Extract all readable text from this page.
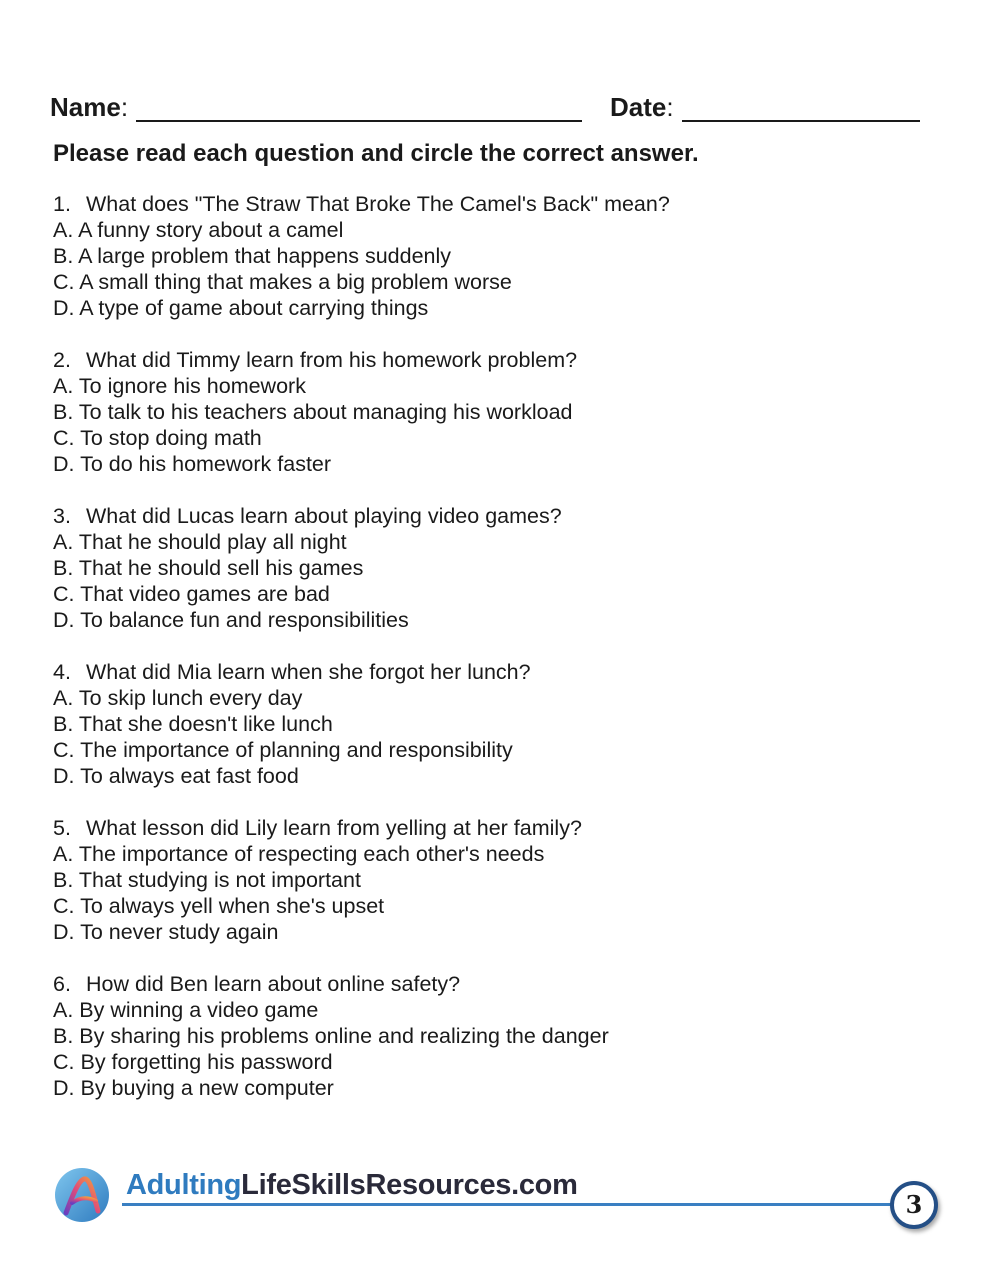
Name:	Date:
Please read each question and circle the correct answer.
1. What does "The Straw That Broke The Camel's Back" mean?
A. A funny story about a camel
B. A large problem that happens suddenly
C. A small thing that makes a big problem worse
D. A type of game about carrying things
2. What did Timmy learn from his homework problem?
A. To ignore his homework
B. To talk to his teachers about managing his workload
C. To stop doing math
D. To do his homework faster
3. What did Lucas learn about playing video games?
A. That he should play all night
B. That he should sell his games
C. That video games are bad
D. To balance fun and responsibilities
4. What did Mia learn when she forgot her lunch?
A. To skip lunch every day
B. That she doesn't like lunch
C. The importance of planning and responsibility
D. To always eat fast food
5. What lesson did Lily learn from yelling at her family?
A. The importance of respecting each other's needs
B. That studying is not important
C. To always yell when she's upset
D. To never study again
6. How did Ben learn about online safety?
A. By winning a video game
B. By sharing his problems online and realizing the danger
C. By forgetting his password
D. By buying a new computer
AdultingLifeSkillsResources.com
3
